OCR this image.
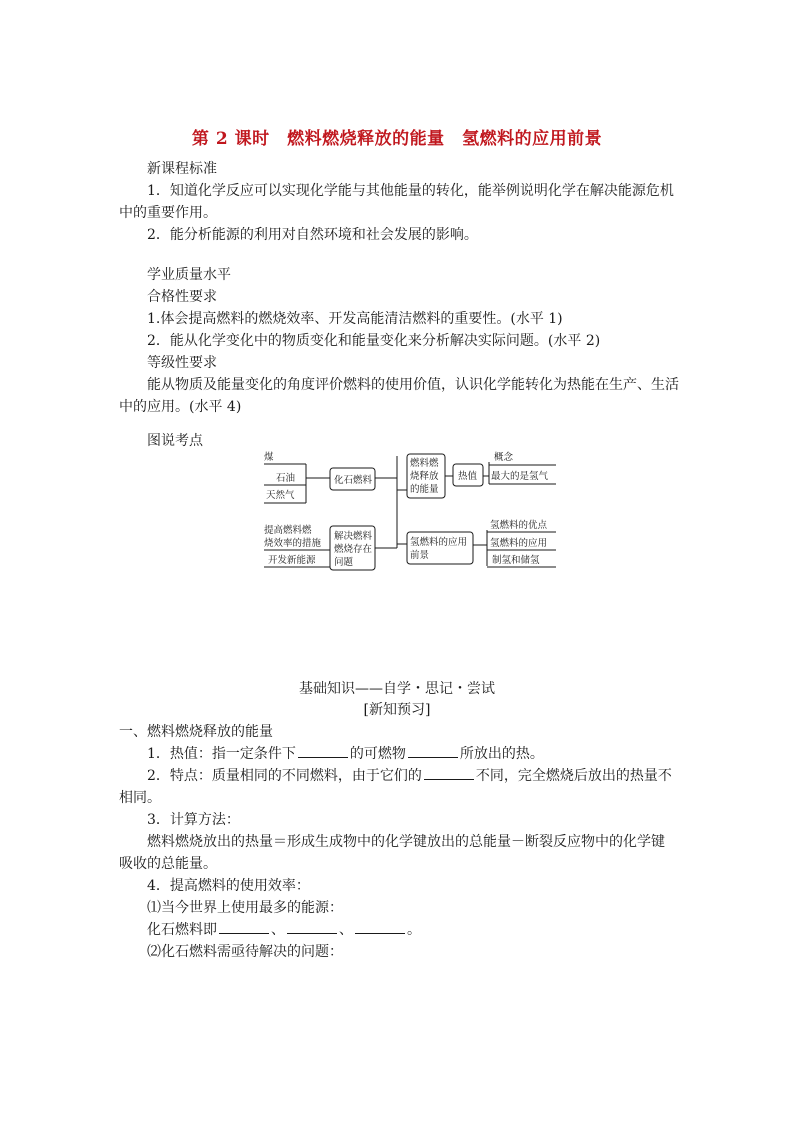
第 2 课时　燃料燃烧释放的能量　氢燃料的应用前景
新课程标准
1．知道化学反应可以实现化学能与其他能量的转化，能举例说明化学在解决能源危机
中的重要作用。
2．能分析能源的利用对自然环境和社会发展的影响。
学业质量水平
合格性要求
1.体会提高燃料的燃烧效率、开发高能清洁燃料的重要性。(水平 1)
2．能从化学变化中的物质变化和能量变化来分析解决实际问题。(水平 2)
等级性要求
能从物质及能量变化的角度评价燃料的使用价值，认识化学能转化为热能在生产、生活
中的应用。(水平 4)
图说考点
煤
石油
天然气
化石燃料
提高燃料燃
烧效率的措施
开发新能源
解决燃料
燃烧存在
问题
燃料燃
烧释放
的能量
热值
概念
最大的是氢气
氢燃料的应用
前景
氢燃料的优点
氢燃料的应用
制氢和储氢
基础知识——自学・思记・尝试
[新知预习]
一、燃料燃烧释放的能量
1．热值：指一定条件下	的可燃物	所放出的热。
2．特点：质量相同的不同燃料，由于它们的	不同，完全燃烧后放出的热量不
相同。
3．计算方法：
燃料燃烧放出的热量＝形成生成物中的化学键放出的总能量－断裂反应物中的化学键
吸收的总能量。
4．提高燃料的使用效率：
⑴当今世界上使用最多的能源：
化石燃料即	、	、	。
⑵化石燃料需亟待解决的问题：
